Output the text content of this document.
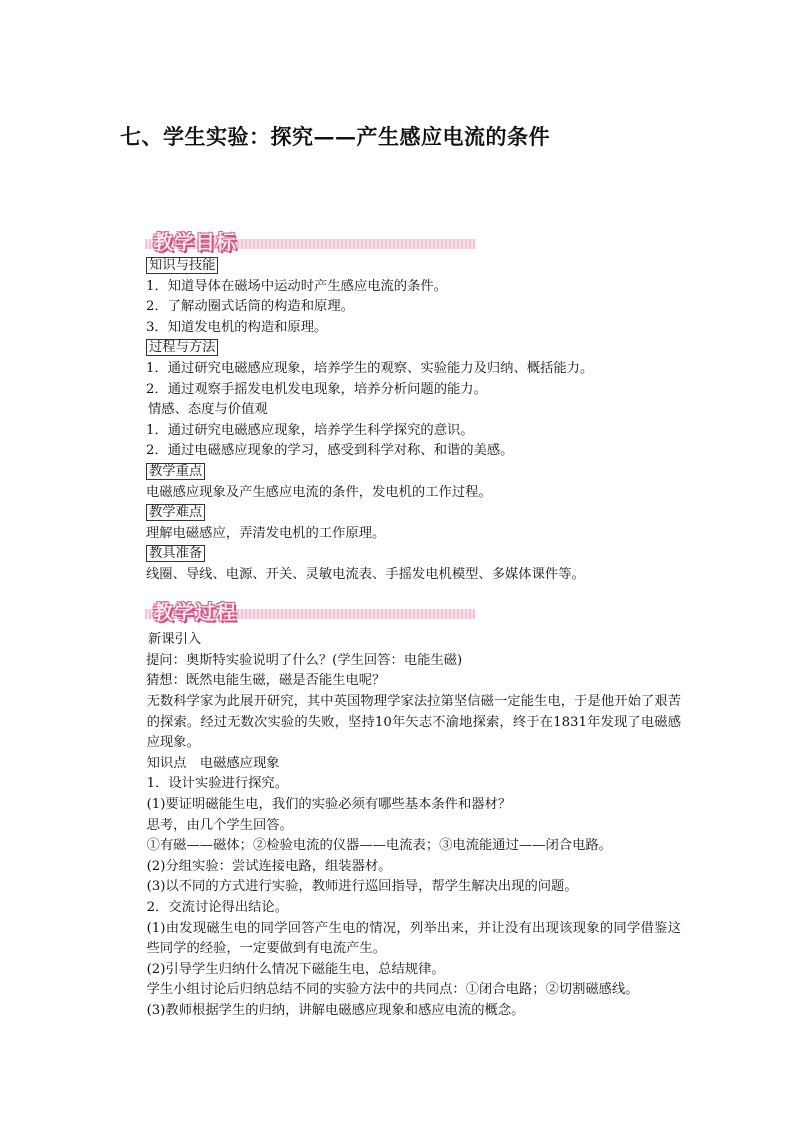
七、学生实验：探究——产生感应电流的条件
教学目标
教学过程
知识与技能
1．知道导体在磁场中运动时产生感应电流的条件。
2．了解动圈式话筒的构造和原理。
3．知道发电机的构造和原理。
过程与方法
1．通过研究电磁感应现象，培养学生的观察、实验能力及归纳、概括能力。
2．通过观察手摇发电机发电现象，培养分析问题的能力。
情感、态度与价值观
1．通过研究电磁感应现象，培养学生科学探究的意识。
2．通过电磁感应现象的学习，感受到科学对称、和谐的美感。
教学重点
电磁感应现象及产生感应电流的条件，发电机的工作过程。
教学难点
理解电磁感应，弄清发电机的工作原理。
教具准备
线圈、导线、电源、开关、灵敏电流表、手摇发电机模型、多媒体课件等。
新课引入
提问：奥斯特实验说明了什么？(学生回答：电能生磁)
猜想：既然电能生磁，磁是否能生电呢？
无数科学家为此展开研究，其中英国物理学家法拉第坚信磁一定能生电，于是他开始了艰苦的探索。经过无数次实验的失败，坚持10年矢志不渝地探索，终于在1831年发现了电磁感应现象。
知识点　电磁感应现象
1．设计实验进行探究。
(1)要证明磁能生电，我们的实验必须有哪些基本条件和器材？
思考，由几个学生回答。
①有磁——磁体；②检验电流的仪器——电流表；③电流能通过——闭合电路。
(2)分组实验：尝试连接电路，组装器材。
(3)以不同的方式进行实验，教师进行巡回指导，帮学生解决出现的问题。
2．交流讨论得出结论。
(1)由发现磁生电的同学回答产生电的情况，列举出来，并让没有出现该现象的同学借鉴这些同学的经验，一定要做到有电流产生。
(2)引导学生归纳什么情况下磁能生电，总结规律。
学生小组讨论后归纳总结不同的实验方法中的共同点：①闭合电路；②切割磁感线。
(3)教师根据学生的归纳，讲解电磁感应现象和感应电流的概念。
